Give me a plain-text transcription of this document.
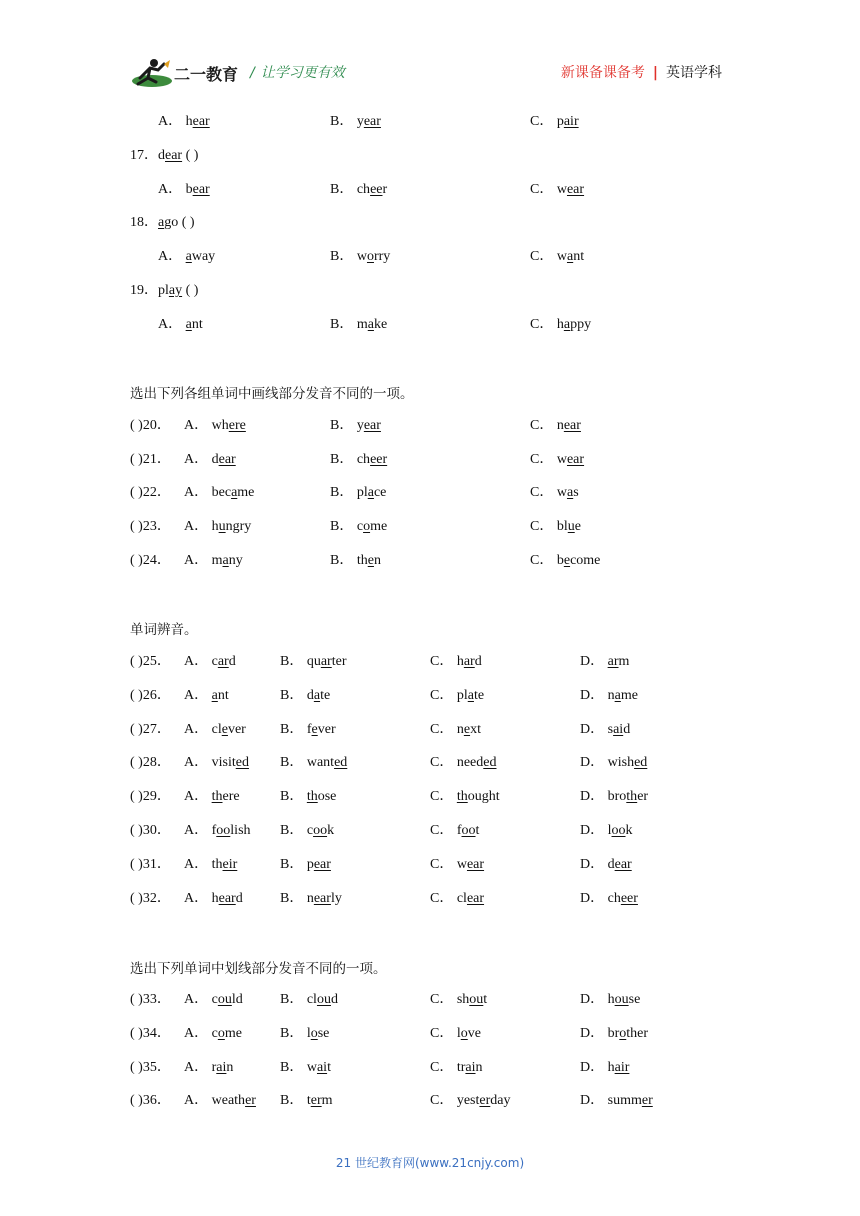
二一教育 / 让学习更有效	新课备课备考 | 英语学科
A． hear	B． year	C． pair
17．dear ( )
A． bear	B． cheer	C． wear
18．ago ( )
A． away	B． worry	C． want
19．play ( )
A． ant	B． make	C． happy
选出下列各组单词中画线部分发音不同的一项。
( )20． A． where	B． year	C． near
( )21． A． dear	B． cheer	C． wear
( )22． A． became	B． place	C． was
( )23． A． hungry	B． come	C． blue
( )24． A． many	B． then	C． become
单词辨音。
( )25． A． card	B． quarter	C． hard	D． arm
( )26． A． ant	B． date	C． plate	D． name
( )27． A． clever B． fever	C． next	D． said
( )28． A． visited B． wanted	C． needed	D． wished
( )29． A． there	B． those	C． thought	D． brother
( )30． A． foolish B． cook	C． foot	D． look
( )31． A． their	B． pear	C． wear	D． dear
( )32． A． heard	B． nearly	C． clear	D． cheer
选出下列单词中划线部分发音不同的一项。
( )33． A． could	B． cloud	C． shout	D． house
( )34． A． come	B． lose	C． love	D． brother
( )35． A． rain	B． wait	C． train	D． hair
( )36． A． weather B． term	C． yesterday	D． summer
21 世纪教育网(www.21cnjy.com)
